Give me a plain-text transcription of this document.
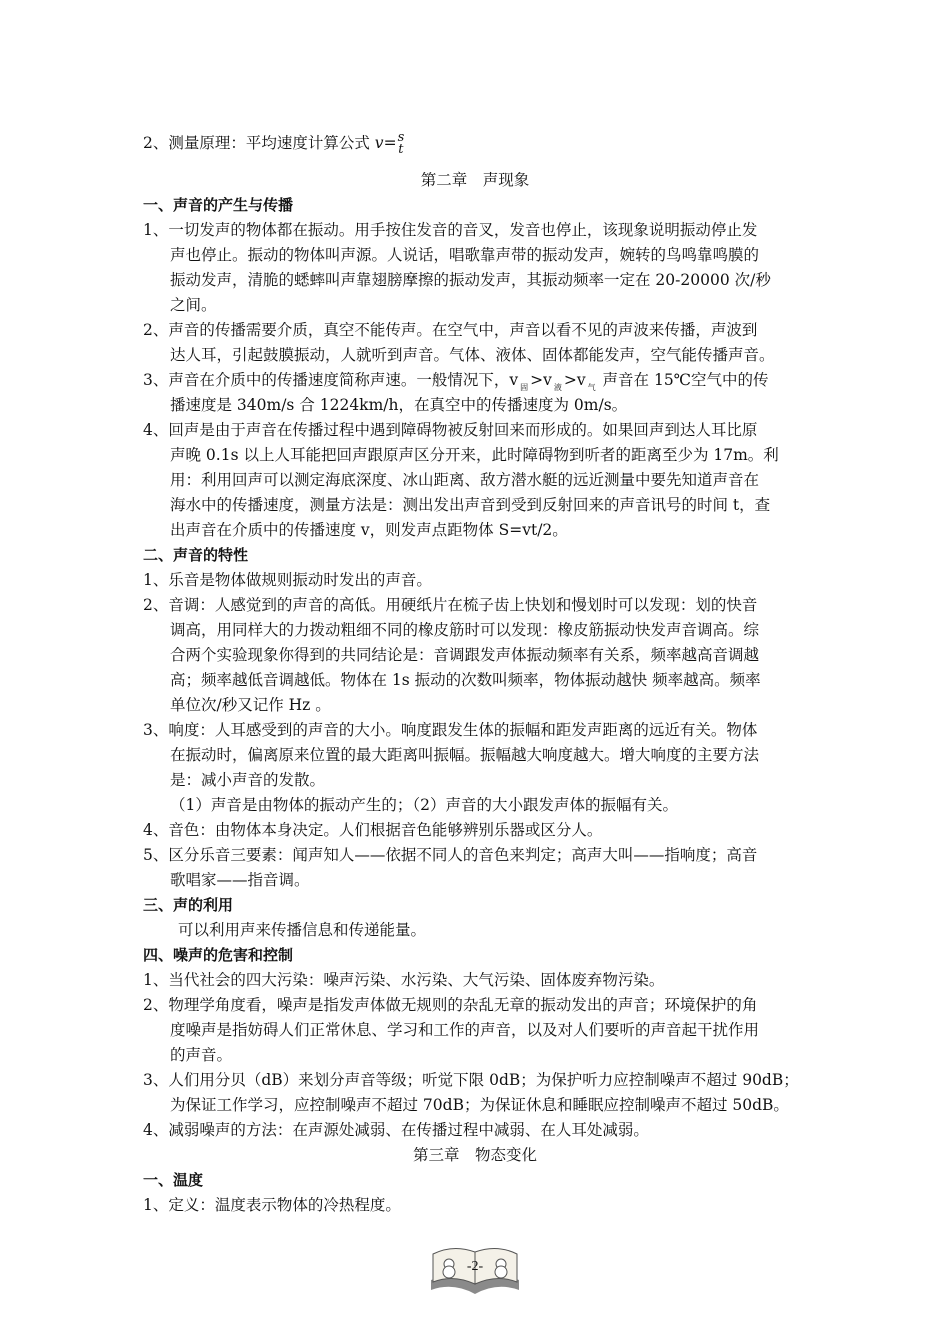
2、测量原理：平均速度计算公式 v= s
t
第二章　声现象
一、声音的产生与传播
1、一切发声的物体都在振动。用手按住发音的音叉，发音也停止，该现象说明振动停止发
声也停止。振动的物体叫声源。人说话，唱歌靠声带的振动发声，婉转的鸟鸣靠鸣膜的
振动发声，清脆的蟋蟀叫声靠翅膀摩擦的振动发声，其振动频率一定在 20-20000 次/秒
之间。
2、声音的传播需要介质，真空不能传声。在空气中，声音以看不见的声波来传播，声波到
达人耳，引起鼓膜振动，人就听到声音。气体、液体、固体都能发声，空气能传播声音。
3、声音在介质中的传播速度简称声速。一般情况下，v $_固$ >v $_液$ >v $_气$ 声音在 15℃空气中的传
播速度是 340m/s 合 1224km/h，在真空中的传播速度为 0m/s。
4、回声是由于声音在传播过程中遇到障碍物被反射回来而形成的。如果回声到达人耳比原
声晚 0.1s 以上人耳能把回声跟原声区分开来，此时障碍物到听者的距离至少为 17m。利
用：利用回声可以测定海底深度、冰山距离、敌方潜水艇的远近测量中要先知道声音在
海水中的传播速度，测量方法是：测出发出声音到受到反射回来的声音讯号的时间 t，查
出声音在介质中的传播速度 v，则发声点距物体 S=vt/2。
二、声音的特性
1、乐音是物体做规则振动时发出的声音。
2、音调：人感觉到的声音的高低。用硬纸片在梳子齿上快划和慢划时可以发现：划的快音
调高，用同样大的力拨动粗细不同的橡皮筋时可以发现：橡皮筋振动快发声音调高。综
合两个实验现象你得到的共同结论是：音调跟发声体振动频率有关系，频率越高音调越
高；频率越低音调越低。物体在 1s 振动的次数叫频率，物体振动越快 频率越高。频率
单位次/秒又记作 Hz 。
3、响度：人耳感受到的声音的大小。响度跟发生体的振幅和距发声距离的远近有关。物体
在振动时，偏离原来位置的最大距离叫振幅。振幅越大响度越大。增大响度的主要方法
是：减小声音的发散。
（1）声音是由物体的振动产生的；（2）声音的大小跟发声体的振幅有关。
4、音色：由物体本身决定。人们根据音色能够辨别乐器或区分人。
5、区分乐音三要素：闻声知人——依据不同人的音色来判定；高声大叫——指响度；高音
歌唱家——指音调。
三、声的利用
可以利用声来传播信息和传递能量。
四、噪声的危害和控制
1、当代社会的四大污染：噪声污染、水污染、大气污染、固体废弃物污染。
2、物理学角度看，噪声是指发声体做无规则的杂乱无章的振动发出的声音；环境保护的角
度噪声是指妨碍人们正常休息、学习和工作的声音，以及对人们要听的声音起干扰作用
的声音。
3、人们用分贝（dB）来划分声音等级；听觉下限 0dB；为保护听力应控制噪声不超过 90dB；
为保证工作学习，应控制噪声不超过 70dB；为保证休息和睡眠应控制噪声不超过 50dB。
4、减弱噪声的方法：在声源处减弱、在传播过程中减弱、在人耳处减弱。
第三章　物态变化
一、温度
1、定义：温度表示物体的冷热程度。
-2-
